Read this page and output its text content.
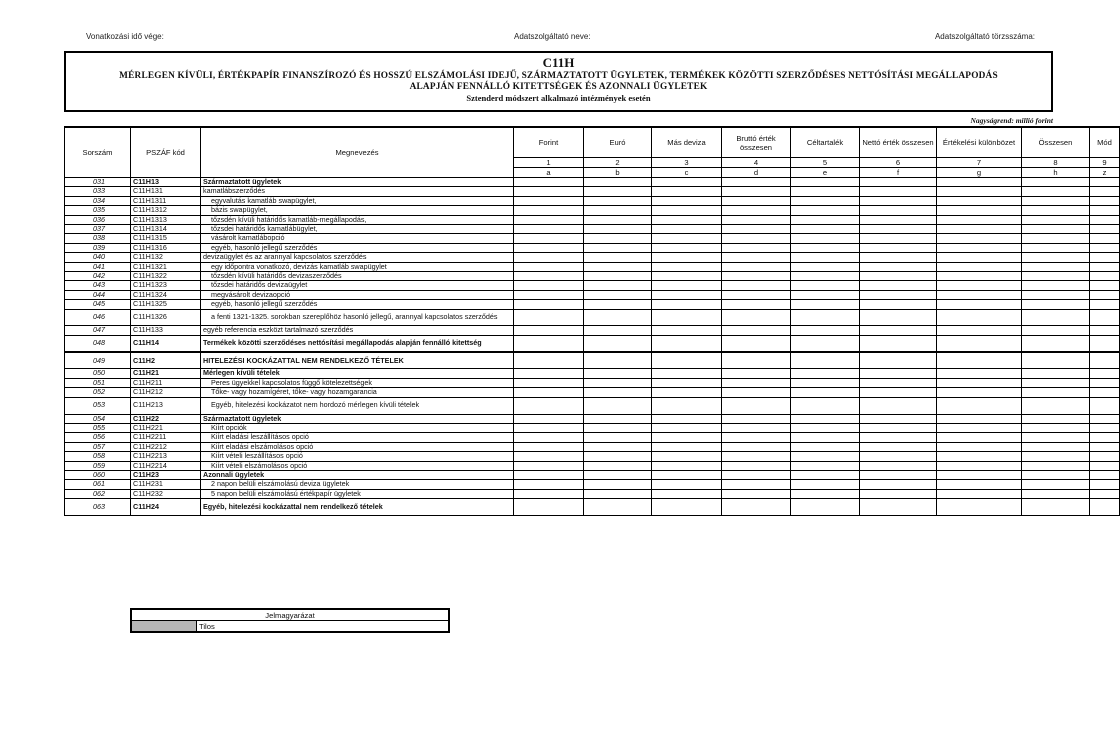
Vonatkozási idő vége:	Adatszolgáltató neve:	Adatszolgáltató törzsszáma:
C11H
MÉRLEGEN KÍVÜLI, ÉRTÉKPAPÍR FINANSZÍROZÓ ÉS HOSSZÚ ELSZÁMOLÁSI IDEJŰ, SZÁRMAZTATOTT ÜGYLETEK, TERMÉKEK KÖZÖTTI SZERZŐDÉSES NETTÓSÍTÁSI MEGÁLLAPODÁS
ALAPJÁN FENNÁLLÓ KITETTSÉGEK ÉS AZONNALI ÜGYLETEK
Sztenderd módszert alkalmazó intézmények esetén
Nagyságrend: millió forint
Sorszám	PSZÁF kód	Megnevezés	Forint	Euró	Más deviza	Bruttó érték összesen	Céltartalék	Nettó érték összesen	Értékelési különbözet	Összesen	Mód
			1	2	3	4	5	6	7	8	9
			a	b	c	d	e	f	g	h	z
031	C11H13	Származtatott ügyletek									
033	C11H131	kamatlábszerződés									
034	C11H1311	egyvalutás kamatláb swapügylet,									
035	C11H1312	bázis swapügylet,									
036	C11H1313	tőzsdén kívüli határidős kamatláb-megállapodás,									
037	C11H1314	tőzsdei határidős kamatlábügylet,									
038	C11H1315	vásárolt kamatlábopció									
039	C11H1316	egyéb, hasonló jellegű szerződés									
040	C11H132	devizaügylet és az arannyal kapcsolatos szerződés									
041	C11H1321	egy időpontra vonatkozó, devizás kamatláb swapügylet									
042	C11H1322	tőzsdén kívüli határidős devizaszerződés									
043	C11H1323	tőzsdei határidős devizaügylet									
044	C11H1324	megvásárolt devizaopció									
045	C11H1325	egyéb, hasonló jellegű szerződés									
046	C11H1326	a fenti 1321-1325. sorokban szereplőhöz hasonló jellegű, arannyal kapcsolatos szerződés									
047	C11H133	egyéb referencia eszközt tartalmazó szerződés									
048	C11H14	Termékek közötti szerződéses nettósítási megállapodás alapján fennálló kitettség									
049	C11H2	HITELEZÉSI KOCKÁZATTAL NEM RENDELKEZŐ TÉTELEK									
050	C11H21	Mérlegen kívüli tételek									
051	C11H211	Peres ügyekkel kapcsolatos függő kötelezettségek									
052	C11H212	Tőke- vagy hozamígéret, tőke- vagy hozamgarancia									
053	C11H213	Egyéb, hitelezési kockázatot nem hordozó mérlegen kívüli tételek									
054	C11H22	Származtatott ügyletek									
055	C11H221	Kiírt opciók									
056	C11H2211	Kiírt eladási leszállításos opció									
057	C11H2212	Kiírt eladási elszámolásos opció									
058	C11H2213	Kiírt vételi leszállításos opció									
059	C11H2214	Kiírt vételi elszámolásos opció									
060	C11H23	Azonnali ügyletek									
061	C11H231	2 napon belüli elszámolású deviza ügyletek									
062	C11H232	5 napon belüli elszámolású értékpapír ügyletek									
063	C11H24	Egyéb, hitelezési kockázattal nem rendelkező tételek									
Jelmagyarázat
	Tilos
